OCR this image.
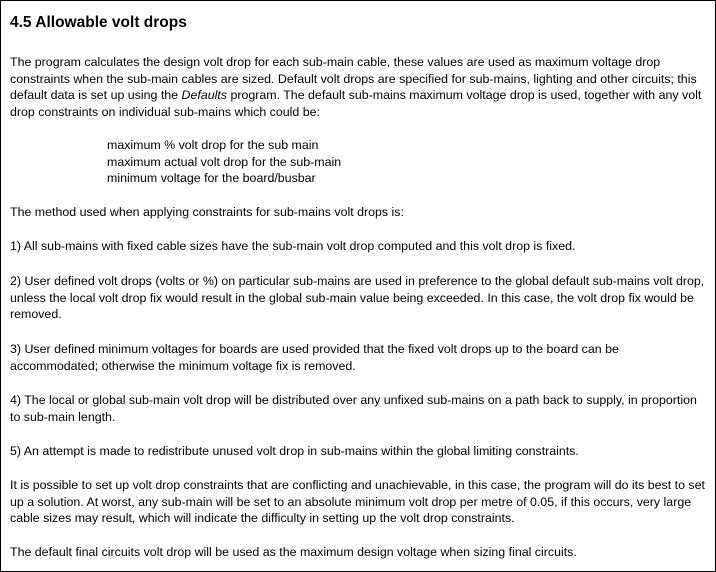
4.5 Allowable volt drops

The program calculates the design volt drop for each sub-main cable, these values are used as maximum voltage drop constraints when the sub-main cables are sized. Default volt drops are specified for sub-mains, lighting and other circuits; this default data is set up using the Defaults program. The default sub-mains maximum voltage drop is used, together with any volt drop constraints on individual sub-mains which could be:

maximum % volt drop for the sub main
maximum actual volt drop for the sub-main
minimum voltage for the board/busbar

The method used when applying constraints for sub-mains volt drops is:

1) All sub-mains with fixed cable sizes have the sub-main volt drop computed and this volt drop is fixed.

2) User defined volt drops (volts or %) on particular sub-mains are used in preference to the global default sub-mains volt drop, unless the local volt drop fix would result in the global sub-main value being exceeded. In this case, the volt drop fix would be removed.

3) User defined minimum voltages for boards are used provided that the fixed volt drops up to the board can be accommodated; otherwise the minimum voltage fix is removed.

4) The local or global sub-main volt drop will be distributed over any unfixed sub-mains on a path back to supply, in proportion to sub-main length.

5) An attempt is made to redistribute unused volt drop in sub-mains within the global limiting constraints.

It is possible to set up volt drop constraints that are conflicting and unachievable, in this case, the program will do its best to set up a solution. At worst, any sub-main will be set to an absolute minimum volt drop per metre of 0.05, if this occurs, very large cable sizes may result, which will indicate the difficulty in setting up the volt drop constraints.

The default final circuits volt drop will be used as the maximum design voltage when sizing final circuits.
